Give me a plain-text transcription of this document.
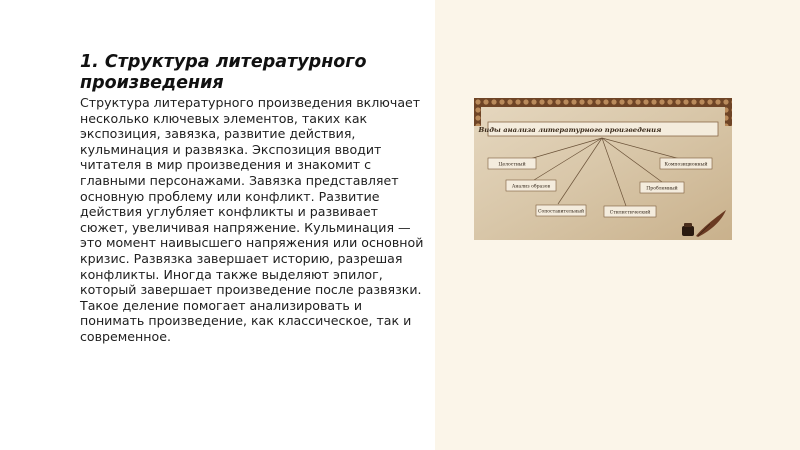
1. Структура литературного произведения

Структура литературного произведения включает несколько ключевых элементов, таких как экспозиция, завязка, развитие действия, кульминация и развязка. Экспозиция вводит читателя в мир произведения и знакомит с главными персонажами. Завязка представляет основную проблему или конфликт. Развитие действия углубляет конфликты и развивает сюжет, увеличивая напряжение. Кульминация — это момент наивысшего напряжения или основной кризис. Развязка завершает историю, разрешая конфликты. Иногда также выделяют эпилог, который завершает произведение после развязки. Такое деление помогает анализировать и понимать произведение, как классическое, так и современное.

Виды анализа литературного произведения
Целостный
Анализ образов
Сопоставительный	Стилистический
Проблемный
Композиционный
